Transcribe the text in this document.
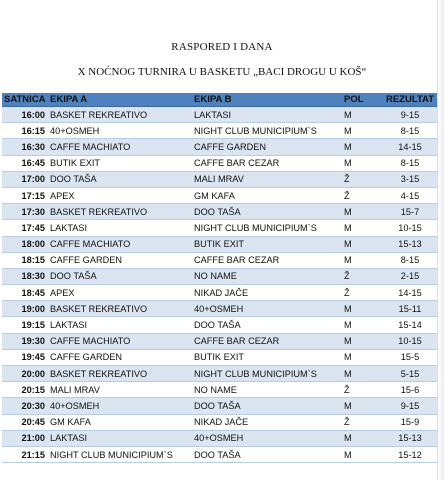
RASPORED I DANA
X NOĆNOG TURNIRA U BASKETU „BACI DROGU U KOŠ“
SATNICA	EKIPA A	EKIPA B	POL	REZULTAT
16:00	BASKET REKREATIVO	LAKTASI	M	9-15
16:15	40+OSMEH	NIGHT CLUB MUNICIPIUM`S	M	8-15
16:30	CAFFE MACHIATO	CAFFE GARDEN	M	14-15
16:45	BUTIK EXIT	CAFFE BAR CEZAR	M	8-15
17:00	DOO TAŠA	MALI MRAV	Ž	3-15
17:15	APEX	GM KAFA	Ž	4-15
17:30	BASKET REKREATIVO	DOO TAŠA	M	15-7
17:45	LAKTASI	NIGHT CLUB MUNICIPIUM`S	M	10-15
18:00	CAFFE MACHIATO	BUTIK EXIT	M	15-13
18:15	CAFFE GARDEN	CAFFE BAR CEZAR	M	8-15
18:30	DOO TAŠA	NO NAME	Ž	2-15
18:45	APEX	NIKAD JAČE	Ž	14-15
19:00	BASKET REKREATIVO	40+OSMEH	M	15-11
19:15	LAKTASI	DOO TAŠA	M	15-14
19:30	CAFFE MACHIATO	CAFFE BAR CEZAR	M	10-15
19:45	CAFFE GARDEN	BUTIK EXIT	M	15-5
20:00	BASKET REKREATIVO	NIGHT CLUB MUNICIPIUM`S	M	5-15
20:15	MALI MRAV	NO NAME	Ž	15-6
20:30	40+OSMEH	DOO TAŠA	M	9-15
20:45	GM KAFA	NIKAD JAČE	Ž	15-9
21:00	LAKTASI	40+OSMEH	M	15-13
21:15	NIGHT CLUB MUNICIPIUM`S	DOO TAŠA	M	15-12
